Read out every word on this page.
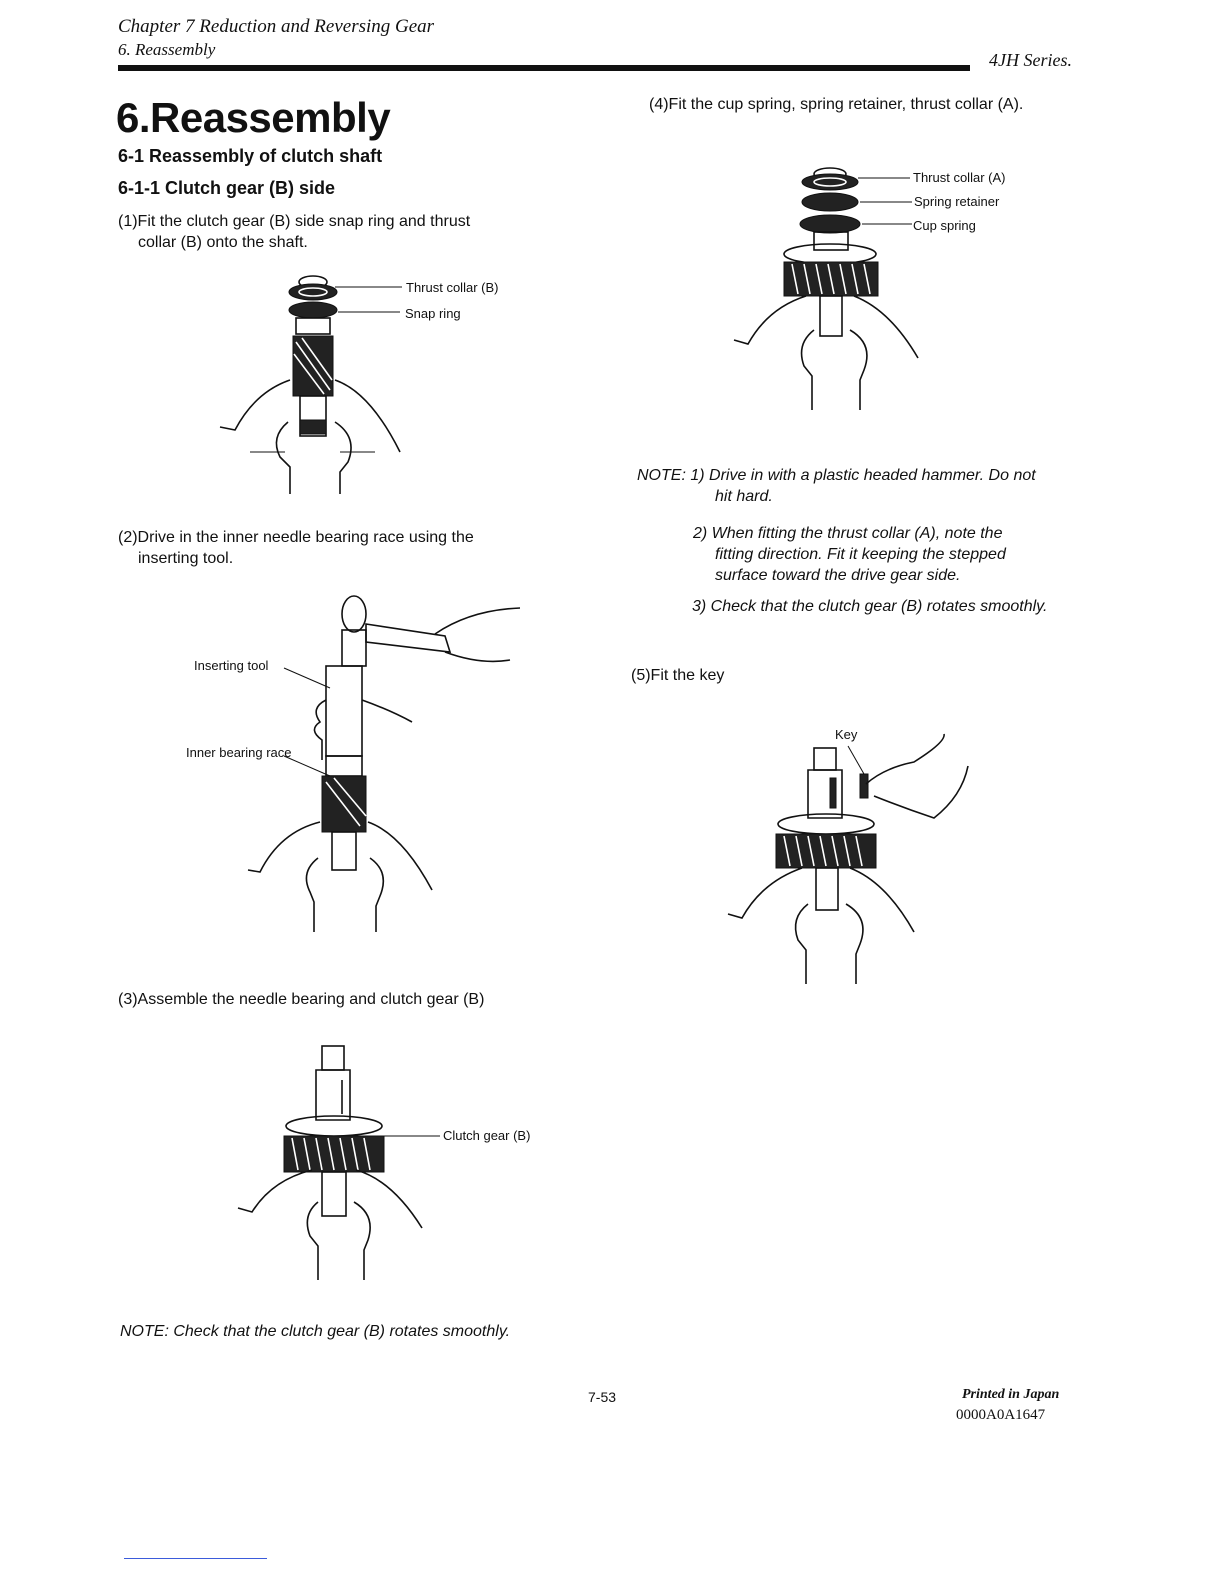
Chapter 7 Reduction and Reversing Gear
6. Reassembly
4JH Series.
6.Reassembly
6-1 Reassembly of clutch shaft
6-1-1 Clutch gear (B) side
(1)Fit the clutch gear (B) side snap ring and thrust
collar (B) onto the shaft.
Thrust collar (B)
Snap ring
(2)Drive in the inner needle bearing race using the
inserting tool.
Inserting tool
Inner bearing race
(3)Assemble the needle bearing and clutch gear (B)
Clutch gear (B)
NOTE: Check that the clutch gear (B) rotates smoothly.
(4)Fit the cup spring, spring retainer, thrust collar (A).
Thrust collar (A)
Spring retainer
Cup spring
NOTE: 1) Drive in with a plastic headed hammer. Do not
hit hard.
2) When fitting the thrust collar (A), note the
fitting direction. Fit it keeping the stepped
surface toward the drive gear side.
3) Check that the clutch gear (B) rotates smoothly.
(5)Fit the key
Key
7-53	Printed in Japan
0000A0A1647
